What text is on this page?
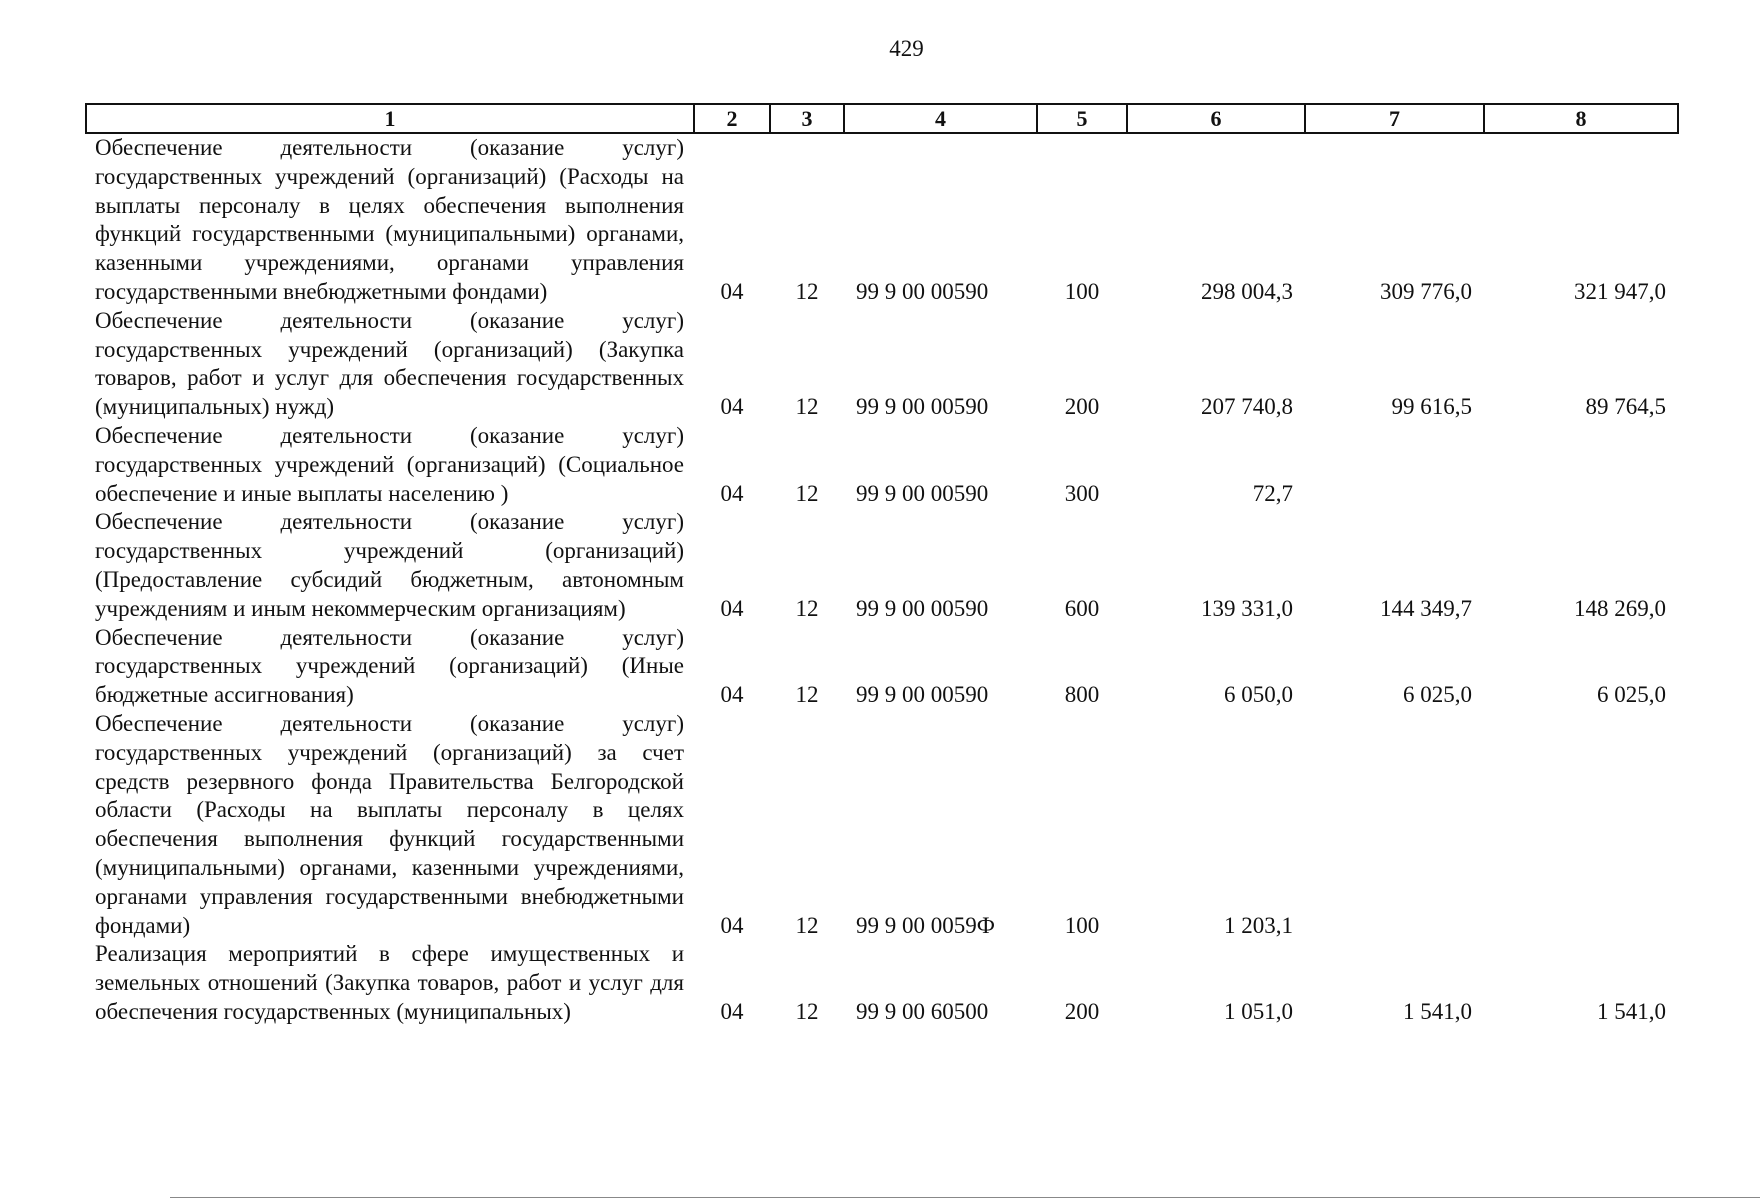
429
1	2	3	4	5	6	7	8
Обеспечение деятельности (оказание услуг) государственных учреждений (организаций) (Расходы на выплаты персоналу в целях обеспечения выполнения функций государственными (муниципальными) органами, казенными учреждениями, органами управления государственными внебюджетными фондами)	04	12	99 9 00 00590	100	298 004,3	309 776,0	321 947,0
Обеспечение деятельности (оказание услуг) государственных учреждений (организаций) (Закупка товаров, работ и услуг для обеспечения государственных (муниципальных) нужд)	04	12	99 9 00 00590	200	207 740,8	99 616,5	89 764,5
Обеспечение деятельности (оказание услуг) государственных учреждений (организаций) (Социальное обеспечение и иные выплаты населению )	04	12	99 9 00 00590	300	72,7		
Обеспечение деятельности (оказание услуг) государственных учреждений (организаций) (Предоставление субсидий бюджетным, автономным учреждениям и иным некоммерческим организациям)	04	12	99 9 00 00590	600	139 331,0	144 349,7	148 269,0
Обеспечение деятельности (оказание услуг) государственных учреждений (организаций) (Иные бюджетные ассигнования)	04	12	99 9 00 00590	800	6 050,0	6 025,0	6 025,0
Обеспечение деятельности (оказание услуг) государственных учреждений (организаций) за счет средств резервного фонда Правительства Белгородской области (Расходы на выплаты персоналу в целях обеспечения выполнения функций государственными (муниципальными) органами, казенными учреждениями, органами управления государственными внебюджетными фондами)	04	12	99 9 00 0059Ф	100	1 203,1		
Реализация мероприятий в сфере имущественных и земельных отношений (Закупка товаров, работ и услуг для обеспечения государственных (муниципальных)	04	12	99 9 00 60500	200	1 051,0	1 541,0	1 541,0
